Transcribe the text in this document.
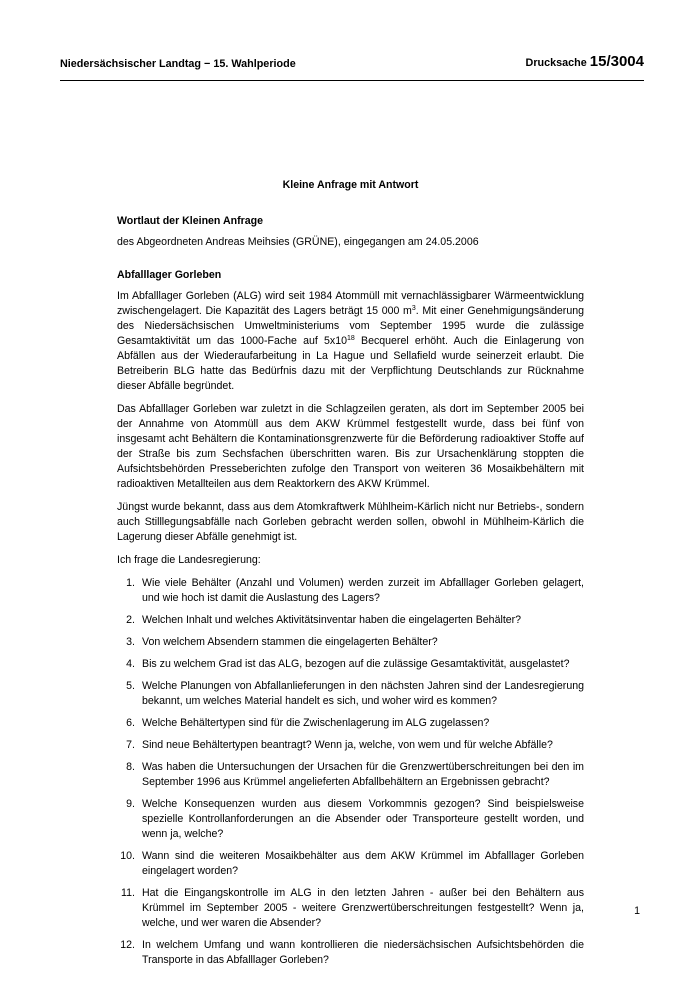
Niedersächsischer Landtag − 15. Wahlperiode	Drucksache 15/3004
Kleine Anfrage mit Antwort
Wortlaut der Kleinen Anfrage

des Abgeordneten Andreas Meihsies (GRÜNE), eingegangen am 24.05.2006

Abfalllager Gorleben

Im Abfalllager Gorleben (ALG) wird seit 1984 Atommüll mit vernachlässigbarer Wärmeentwicklung zwischengelagert. Die Kapazität des Lagers beträgt 15 000 $m^3$. Mit einer Genehmigungsänderung des Niedersächsischen Umweltministeriums vom September 1995 wurde die zulässige Gesamtaktivität um das 1000-Fache auf $5x10^{18}$ Becquerel erhöht. Auch die Einlagerung von Abfällen aus der Wiederaufarbeitung in La Hague und Sellafield wurde seinerzeit erlaubt. Die Betreiberin BLG hatte das Bedürfnis dazu mit der Verpflichtung Deutschlands zur Rücknahme dieser Abfälle begründet.

Das Abfalllager Gorleben war zuletzt in die Schlagzeilen geraten, als dort im September 2005 bei der Annahme von Atommüll aus dem AKW Krümmel festgestellt wurde, dass bei fünf von insgesamt acht Behältern die Kontaminationsgrenzwerte für die Beförderung radioaktiver Stoffe auf der Straße bis zum Sechsfachen überschritten waren. Bis zur Ursachenklärung stoppten die Aufsichtsbehörden Presseberichten zufolge den Transport von weiteren 36 Mosaikbehältern mit radioaktiven Metallteilen aus dem Reaktorkern des AKW Krümmel.

Jüngst wurde bekannt, dass aus dem Atomkraftwerk Mühlheim-Kärlich nicht nur Betriebs-, sondern auch Stilllegungsabfälle nach Gorleben gebracht werden sollen, obwohl in Mühlheim-Kärlich die Lagerung dieser Abfälle genehmigt ist.

Ich frage die Landesregierung:

1. Wie viele Behälter (Anzahl und Volumen) werden zurzeit im Abfalllager Gorleben gelagert, und wie hoch ist damit die Auslastung des Lagers?
2. Welchen Inhalt und welches Aktivitätsinventar haben die eingelagerten Behälter?
3. Von welchem Absendern stammen die eingelagerten Behälter?
4. Bis zu welchem Grad ist das ALG, bezogen auf die zulässige Gesamtaktivität, ausgelastet?
5. Welche Planungen von Abfallanlieferungen in den nächsten Jahren sind der Landesregierung bekannt, um welches Material handelt es sich, und woher wird es kommen?
6. Welche Behältertypen sind für die Zwischenlagerung im ALG zugelassen?
7. Sind neue Behältertypen beantragt? Wenn ja, welche, von wem und für welche Abfälle?
8. Was haben die Untersuchungen der Ursachen für die Grenzwertüberschreitungen bei den im September 1996 aus Krümmel angelieferten Abfallbehältern an Ergebnissen gebracht?
9. Welche Konsequenzen wurden aus diesem Vorkommnis gezogen? Sind beispielsweise spezielle Kontrollanforderungen an die Absender oder Transporteure gestellt worden, und wenn ja, welche?
10. Wann sind die weiteren Mosaikbehälter aus dem AKW Krümmel im Abfalllager Gorleben eingelagert worden?
11. Hat die Eingangskontrolle im ALG in den letzten Jahren - außer bei den Behältern aus Krümmel im September 2005 - weitere Grenzwertüberschreitungen festgestellt? Wenn ja, welche, und wer waren die Absender?
12. In welchem Umfang und wann kontrollieren die niedersächsischen Aufsichtsbehörden die Transporte in das Abfalllager Gorleben?
1
